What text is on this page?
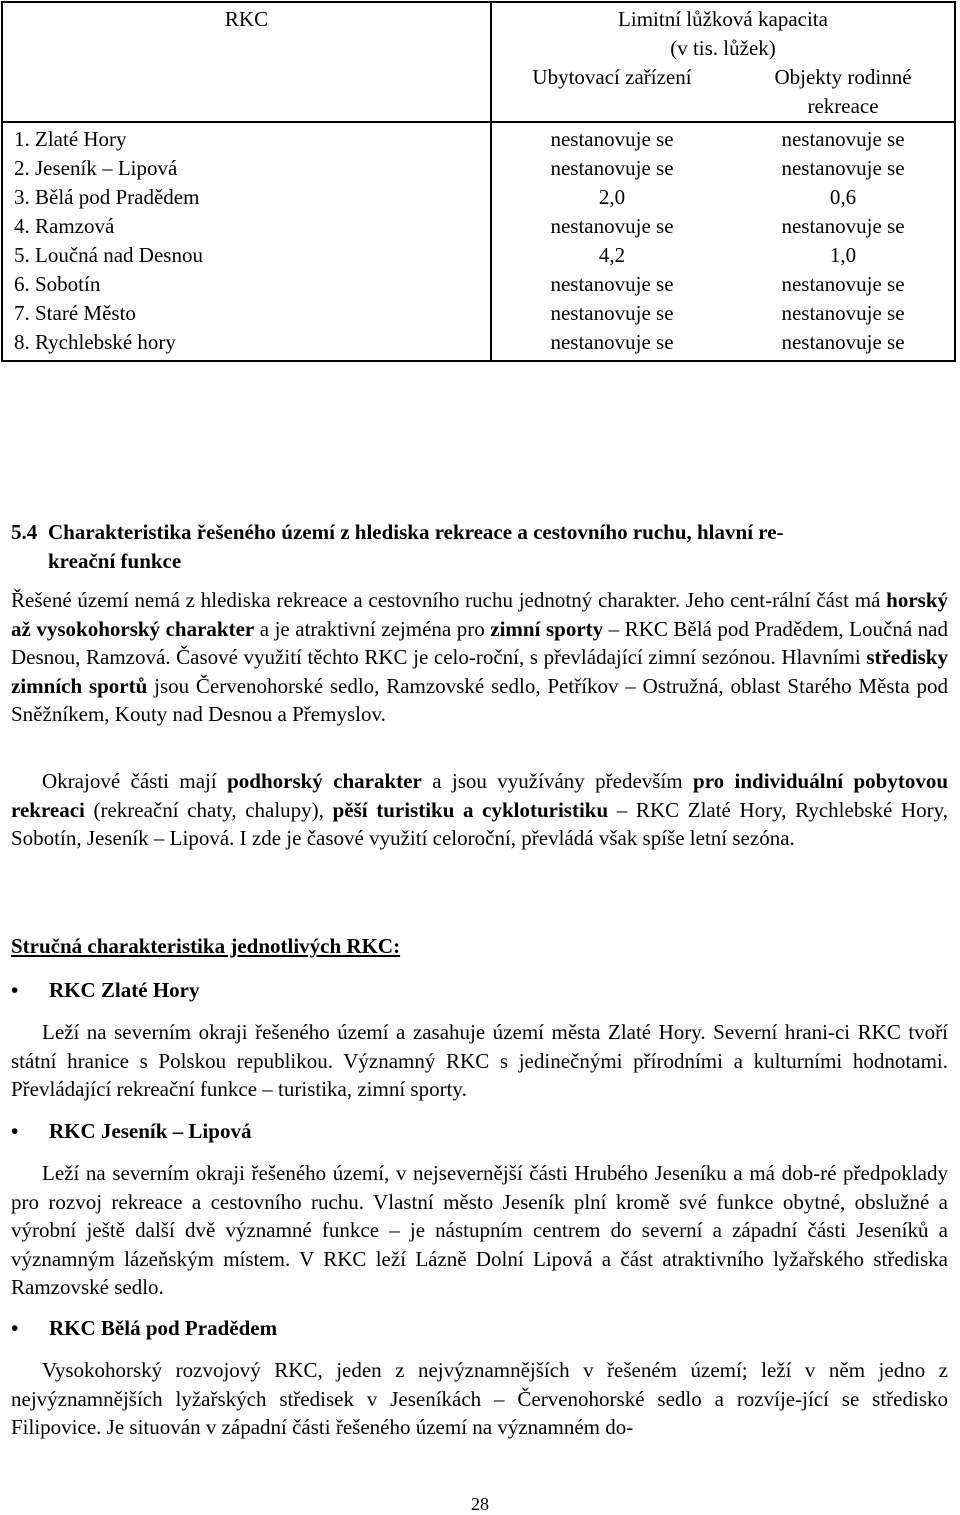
RKC	Limitní lůžková kapacita
(v tis. lůžek)	

	Ubytovací zařízení	Objekty rodinné
rekreace

1. Zlaté Hory	nestanovuje se	nestanovuje se
2. Jeseník – Lipová	nestanovuje se	nestanovuje se
3. Bělá pod Pradědem	2,0	0,6
4. Ramzová	nestanovuje se	nestanovuje se
5. Loučná nad Desnou	4,2	1,0
6. Sobotín	nestanovuje se	nestanovuje se
7. Staré Město	nestanovuje se	nestanovuje se
8. Rychlebské hory	nestanovuje se	nestanovuje se
5.4 Charakteristika řešeného území z hlediska rekreace a cestovního ruchu, hlavní re-
kreační funkce
Řešené území nemá z hlediska rekreace a cestovního ruchu jednotný charakter. Jeho cent-rální část má horský až vysokohorský charakter a je atraktivní zejména pro zimní sporty – RKC Bělá pod Pradědem, Loučná nad Desnou, Ramzová. Časové využití těchto RKC je celo-roční, s převládající zimní sezónou. Hlavními středisky zimních sportů jsou Červenohorské sedlo, Ramzovské sedlo, Petříkov – Ostružná, oblast Starého Města pod Sněžníkem, Kouty nad Desnou a Přemyslov.
Okrajové části mají podhorský charakter a jsou využívány především pro individuální pobytovou rekreaci (rekreační chaty, chalupy), pěší turistiku a cykloturistiku – RKC Zlaté Hory, Rychlebské Hory, Sobotín, Jeseník – Lipová. I zde je časové využití celoroční, převládá však spíše letní sezóna.
Stručná charakteristika jednotlivých RKC:
• RKC Zlaté Hory
Leží na severním okraji řešeného území a zasahuje území města Zlaté Hory. Severní hrani-ci RKC tvoří státní hranice s Polskou republikou. Významný RKC s jedinečnými přírodními a kulturními hodnotami. Převládající rekreační funkce – turistika, zimní sporty.
• RKC Jeseník – Lipová
Leží na severním okraji řešeného území, v nejsevernější části Hrubého Jeseníku a má dob-ré předpoklady pro rozvoj rekreace a cestovního ruchu. Vlastní město Jeseník plní kromě své funkce obytné, obslužné a výrobní ještě další dvě významné funkce – je nástupním centrem do severní a západní části Jeseníků a významným lázeňským místem. V RKC leží Lázně Dolní Lipová a část atraktivního lyžařského střediska Ramzovské sedlo.
• RKC Bělá pod Pradědem
Vysokohorský rozvojový RKC, jeden z nejvýznamnějších v řešeném území; leží v něm jedno z nejvýznamnějších lyžařských středisek v Jeseníkách – Červenohorské sedlo a rozvíje-jící se středisko Filipovice. Je situován v západní části řešeného území na významném do-
28
